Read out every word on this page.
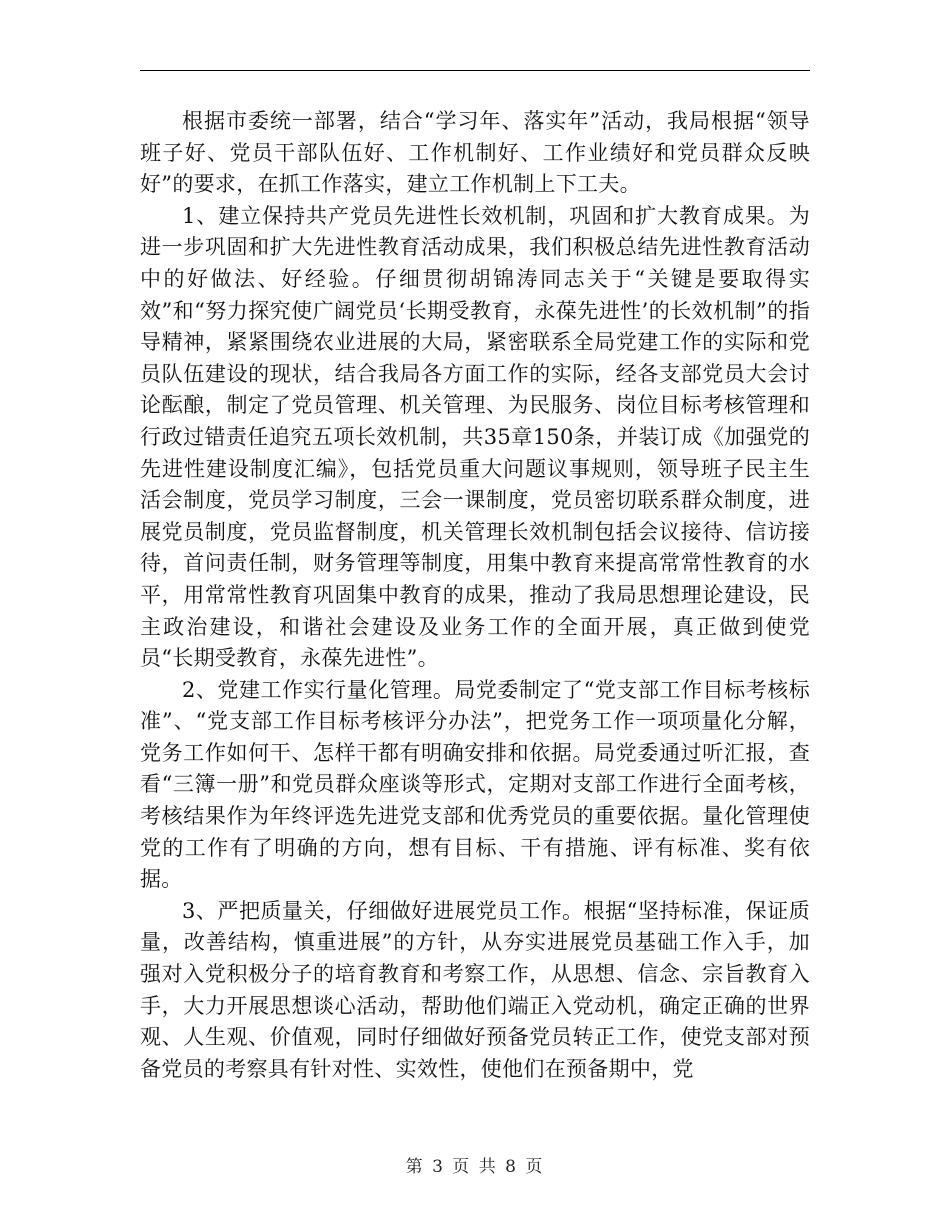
根据市委统一部署，结合“学习年、落实年”活动，我局根据“领导班子好、党员干部队伍好、工作机制好、工作业绩好和党员群众反映好”的要求，在抓工作落实，建立工作机制上下工夫。

1、建立保持共产党员先进性长效机制，巩固和扩大教育成果。为进一步巩固和扩大先进性教育活动成果，我们积极总结先进性教育活动中的好做法、好经验。仔细贯彻胡锦涛同志关于“关键是要取得实效”和“努力探究使广阔党员‘长期受教育，永葆先进性’的长效机制”的指导精神，紧紧围绕农业进展的大局，紧密联系全局党建工作的实际和党员队伍建设的现状，结合我局各方面工作的实际，经各支部党员大会讨论酝酿，制定了党员管理、机关管理、为民服务、岗位目标考核管理和行政过错责任追究五项长效机制，共35章150条，并装订成《加强党的先进性建设制度汇编》，包括党员重大问题议事规则，领导班子民主生活会制度，党员学习制度，三会一课制度，党员密切联系群众制度，进展党员制度，党员监督制度，机关管理长效机制包括会议接待、信访接待，首问责任制，财务管理等制度，用集中教育来提高常常性教育的水平，用常常性教育巩固集中教育的成果，推动了我局思想理论建设，民主政治建设，和谐社会建设及业务工作的全面开展，真正做到使党员“长期受教育，永葆先进性”。

2、党建工作实行量化管理。局党委制定了“党支部工作目标考核标准”、“党支部工作目标考核评分办法”，把党务工作一项项量化分解，党务工作如何干、怎样干都有明确安排和依据。局党委通过听汇报，查看“三簿一册”和党员群众座谈等形式，定期对支部工作进行全面考核，考核结果作为年终评选先进党支部和优秀党员的重要依据。量化管理使党的工作有了明确的方向，想有目标、干有措施、评有标准、奖有依据。

3、严把质量关，仔细做好进展党员工作。根据“坚持标准，保证质量，改善结构，慎重进展”的方针，从夯实进展党员基础工作入手，加强对入党积极分子的培育教育和考察工作，从思想、信念、宗旨教育入手，大力开展思想谈心活动，帮助他们端正入党动机，确定正确的世界观、人生观、价值观，同时仔细做好预备党员转正工作，使党支部对预备党员的考察具有针对性、实效性，使他们在预备期中，党

第 3 页 共 8 页
